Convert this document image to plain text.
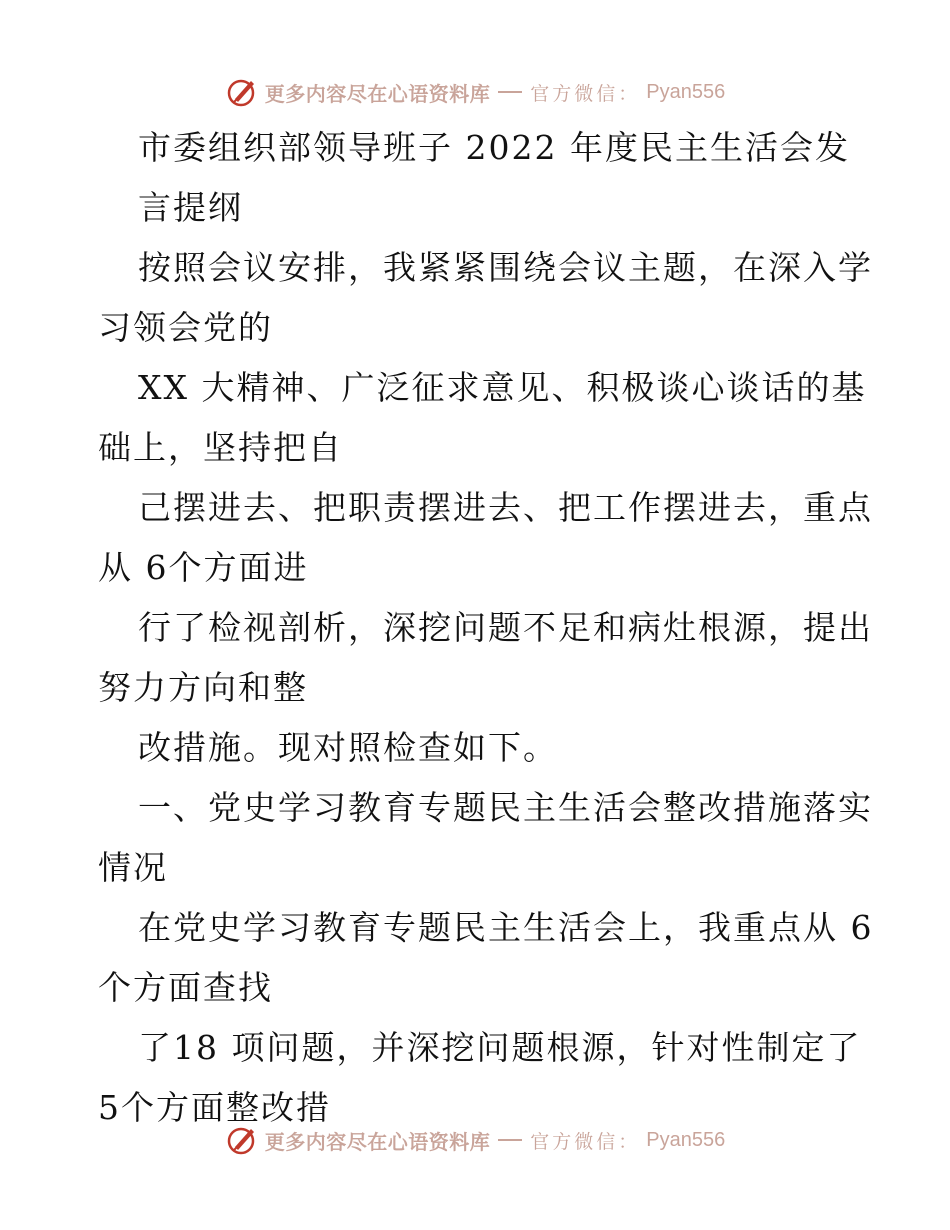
更多内容尽在心语资料库 官方微信： Pyan556
市委组织部领导班子 2022 年度民主生活会发
言提纲
按照会议安排，我紧紧围绕会议主题，在深入学
习领会党的
XX 大精神、广泛征求意见、积极谈心谈话的基
础上，坚持把自
己摆进去、把职责摆进去、把工作摆进去，重点
从 6个方面进
行了检视剖析，深挖问题不足和病灶根源，提出
努力方向和整
改措施。现对照检查如下。
一、党史学习教育专题民主生活会整改措施落实
情况
在党史学习教育专题民主生活会上，我重点从 6
个方面查找
了18 项问题，并深挖问题根源，针对性制定了
5个方面整改措
更多内容尽在心语资料库 官方微信： Pyan556
